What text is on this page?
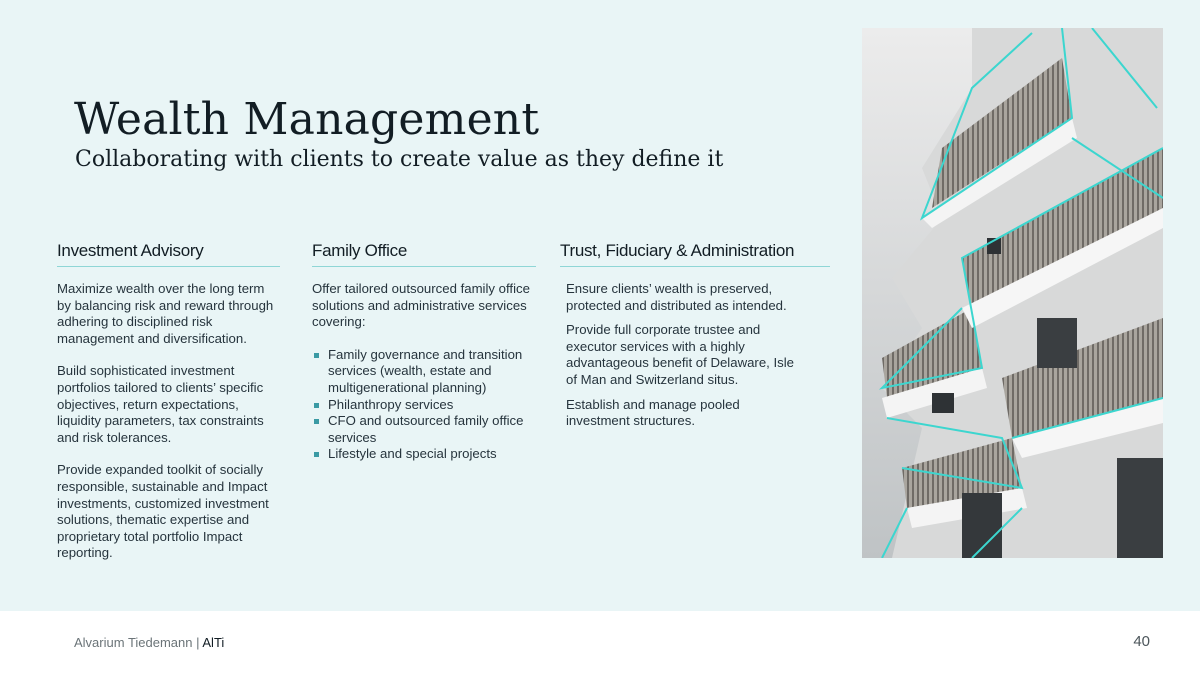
Wealth Management
Collaborating with clients to create value as they define it
Investment Advisory

Maximize wealth over the long term by balancing risk and reward through adhering to disciplined risk management and diversification.

Build sophisticated investment portfolios tailored to clients’ specific objectives, return expectations, liquidity parameters, tax constraints and risk tolerances.

Provide expanded toolkit of socially responsible, sustainable and Impact investments, customized investment solutions, thematic expertise and proprietary total portfolio Impact reporting.

Family Office

Offer tailored outsourced family office solutions and administrative services covering:

Family governance and transition services (wealth, estate and multigenerational planning)
Philanthropy services
CFO and outsourced family office services
Lifestyle and special projects
Trust, Fiduciary & Administration

Ensure clients’ wealth is preserved, protected and distributed as intended.

Provide full corporate trustee and executor services with a highly advantageous benefit of Delaware, Isle of Man and Switzerland situs.

Establish and manage pooled investment structures.

Alvarium Tiedemann | AlTi	40
